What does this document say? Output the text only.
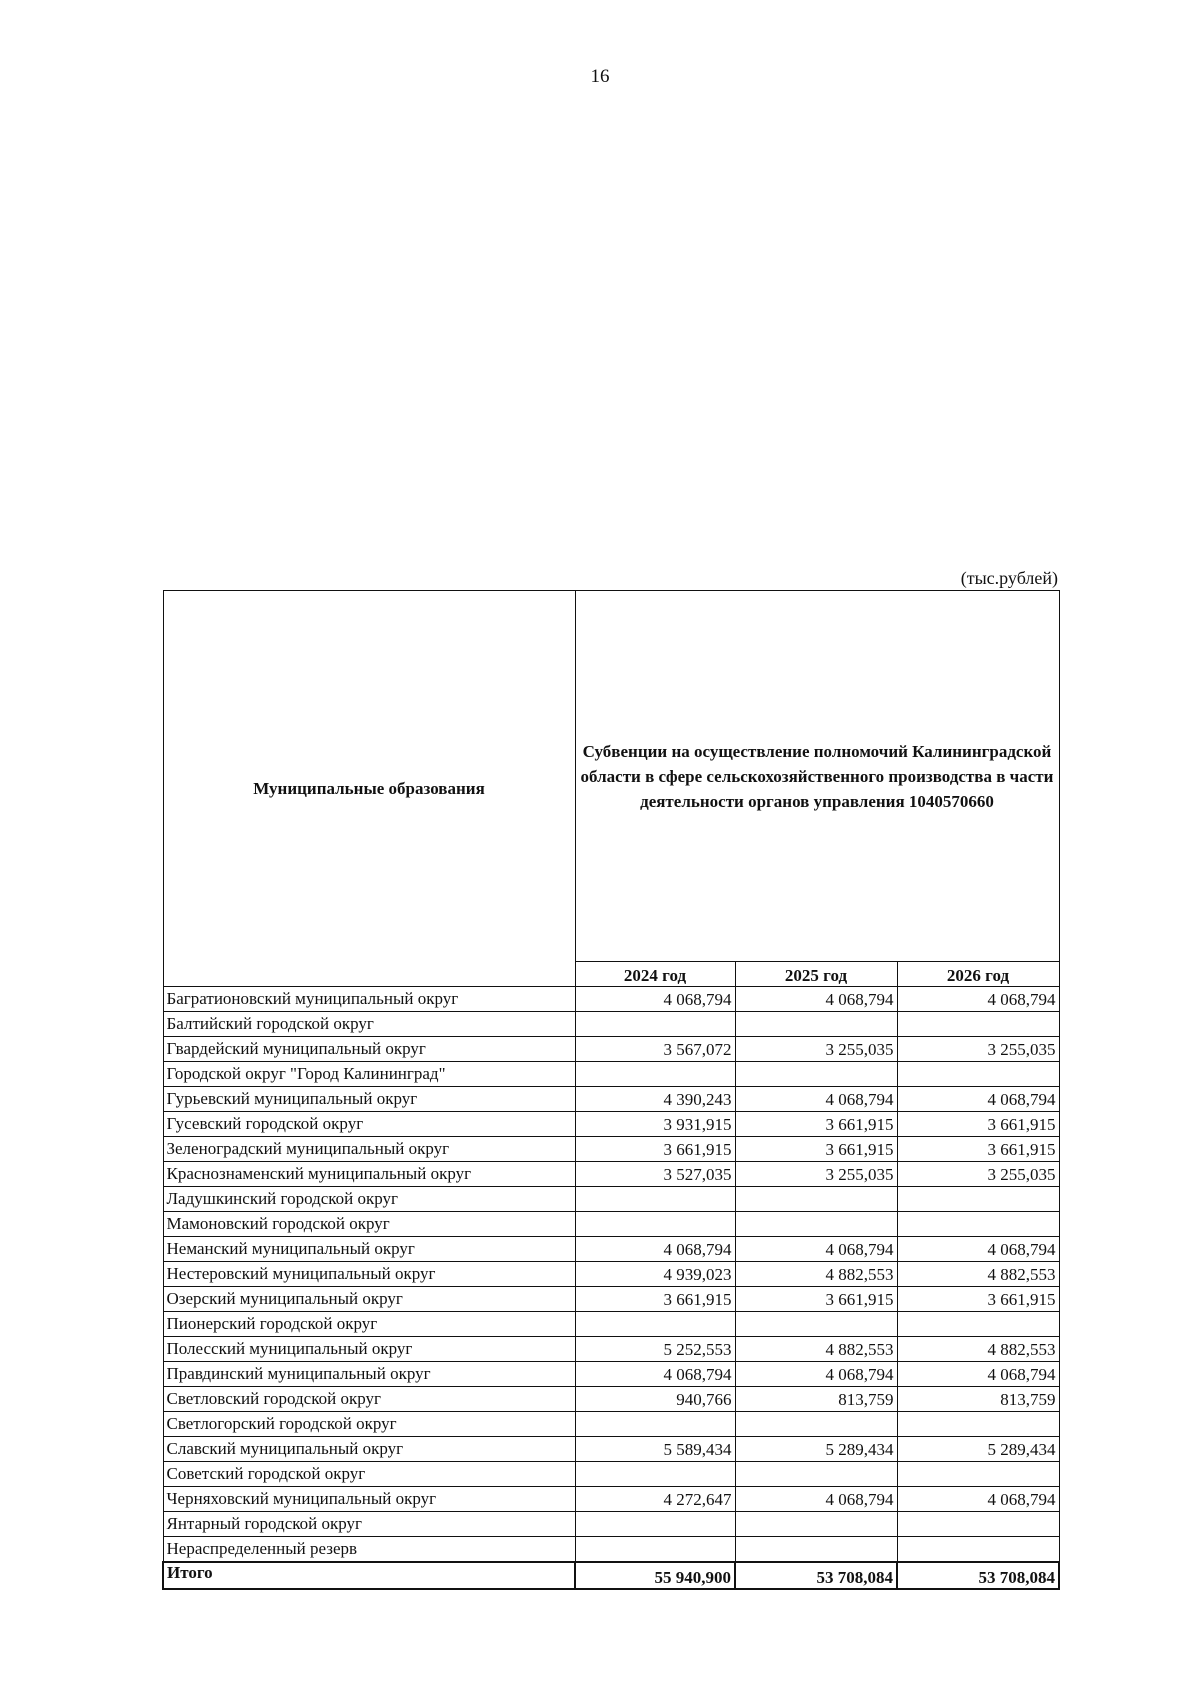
16
(тыс.рублей)
Муниципальные образования	Субвенции на осуществление полномочий Калининградской области в сфере сельскохозяйственного производства в части деятельности органов управления 1040570660		
	2024 год	2025 год	2026 год
Багратионовский муниципальный округ	4 068,794	4 068,794	4 068,794
Балтийский городской округ			
Гвардейский муниципальный округ	3 567,072	3 255,035	3 255,035
Городской округ "Город Калининград"			
Гурьевский муниципальный округ	4 390,243	4 068,794	4 068,794
Гусевский городской округ	3 931,915	3 661,915	3 661,915
Зеленоградский муниципальный округ	3 661,915	3 661,915	3 661,915
Краснознаменский муниципальный округ	3 527,035	3 255,035	3 255,035
Ладушкинский городской округ			
Мамоновский городской округ			
Неманский муниципальный округ	4 068,794	4 068,794	4 068,794
Нестеровский муниципальный округ	4 939,023	4 882,553	4 882,553
Озерский муниципальный округ	3 661,915	3 661,915	3 661,915
Пионерский городской округ			
Полесский муниципальный округ	5 252,553	4 882,553	4 882,553
Правдинский муниципальный округ	4 068,794	4 068,794	4 068,794
Светловский городской округ	940,766	813,759	813,759
Светлогорский городской округ			
Славский муниципальный округ	5 589,434	5 289,434	5 289,434
Советский городской округ			
Черняховский муниципальный округ	4 272,647	4 068,794	4 068,794
Янтарный городской округ			
Нераспределенный резерв			
Итого	55 940,900	53 708,084	53 708,084
